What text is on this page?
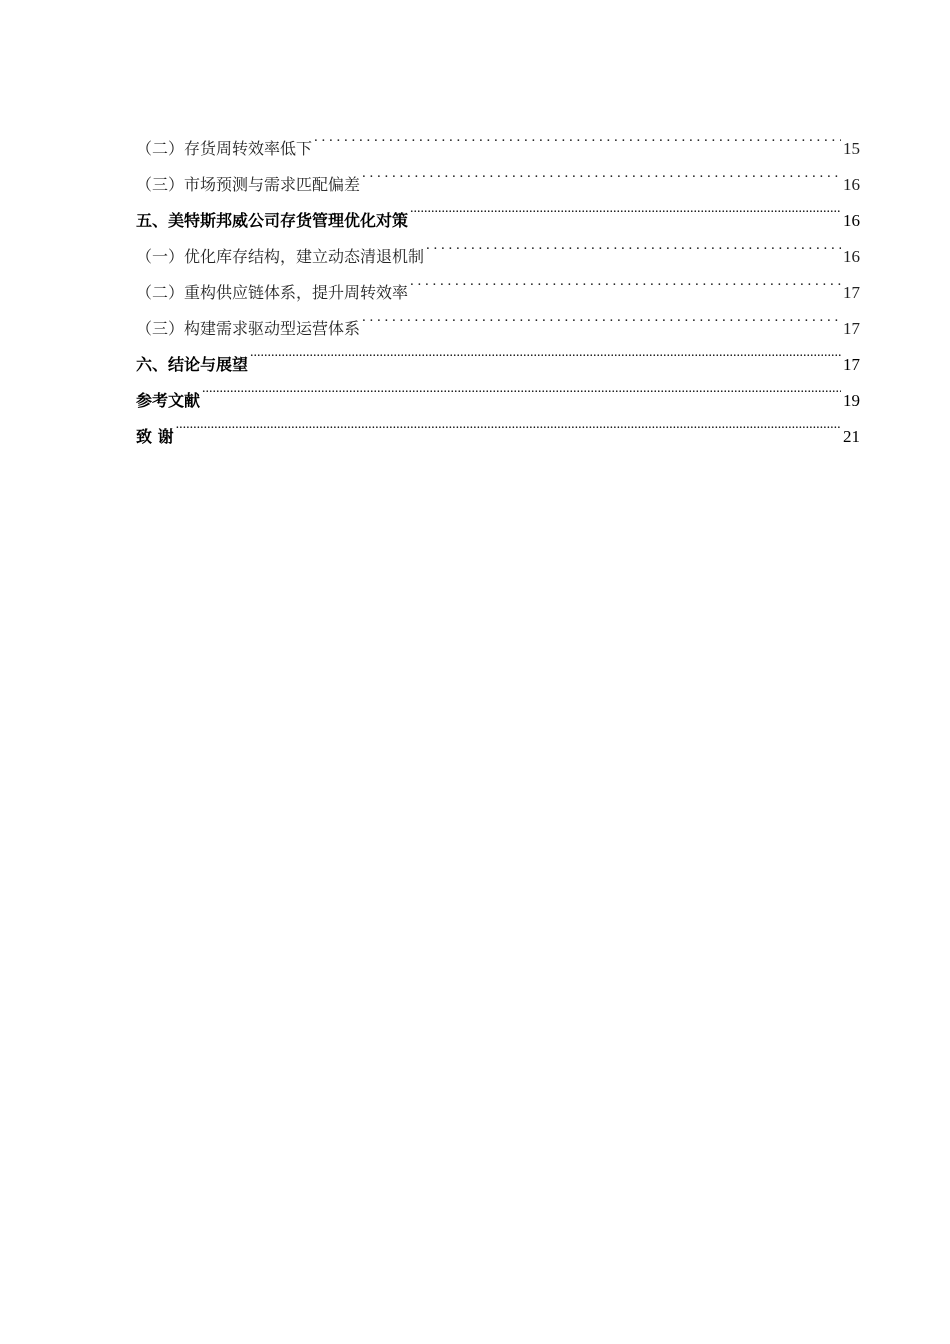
（二）存货周转效率低下 . . .	15
（三）市场预测与需求匹配偏差 . . .	16
五、美特斯邦威公司存货管理优化对策 .....	16
（一）优化库存结构，建立动态清退机制 . . .	16
（二）重构供应链体系，提升周转效率 . . .	17
（三）构建需求驱动型运营体系 . . .	17
六、结论与展望 .....	17
参考文献 .....	19
致 谢 .....	21
